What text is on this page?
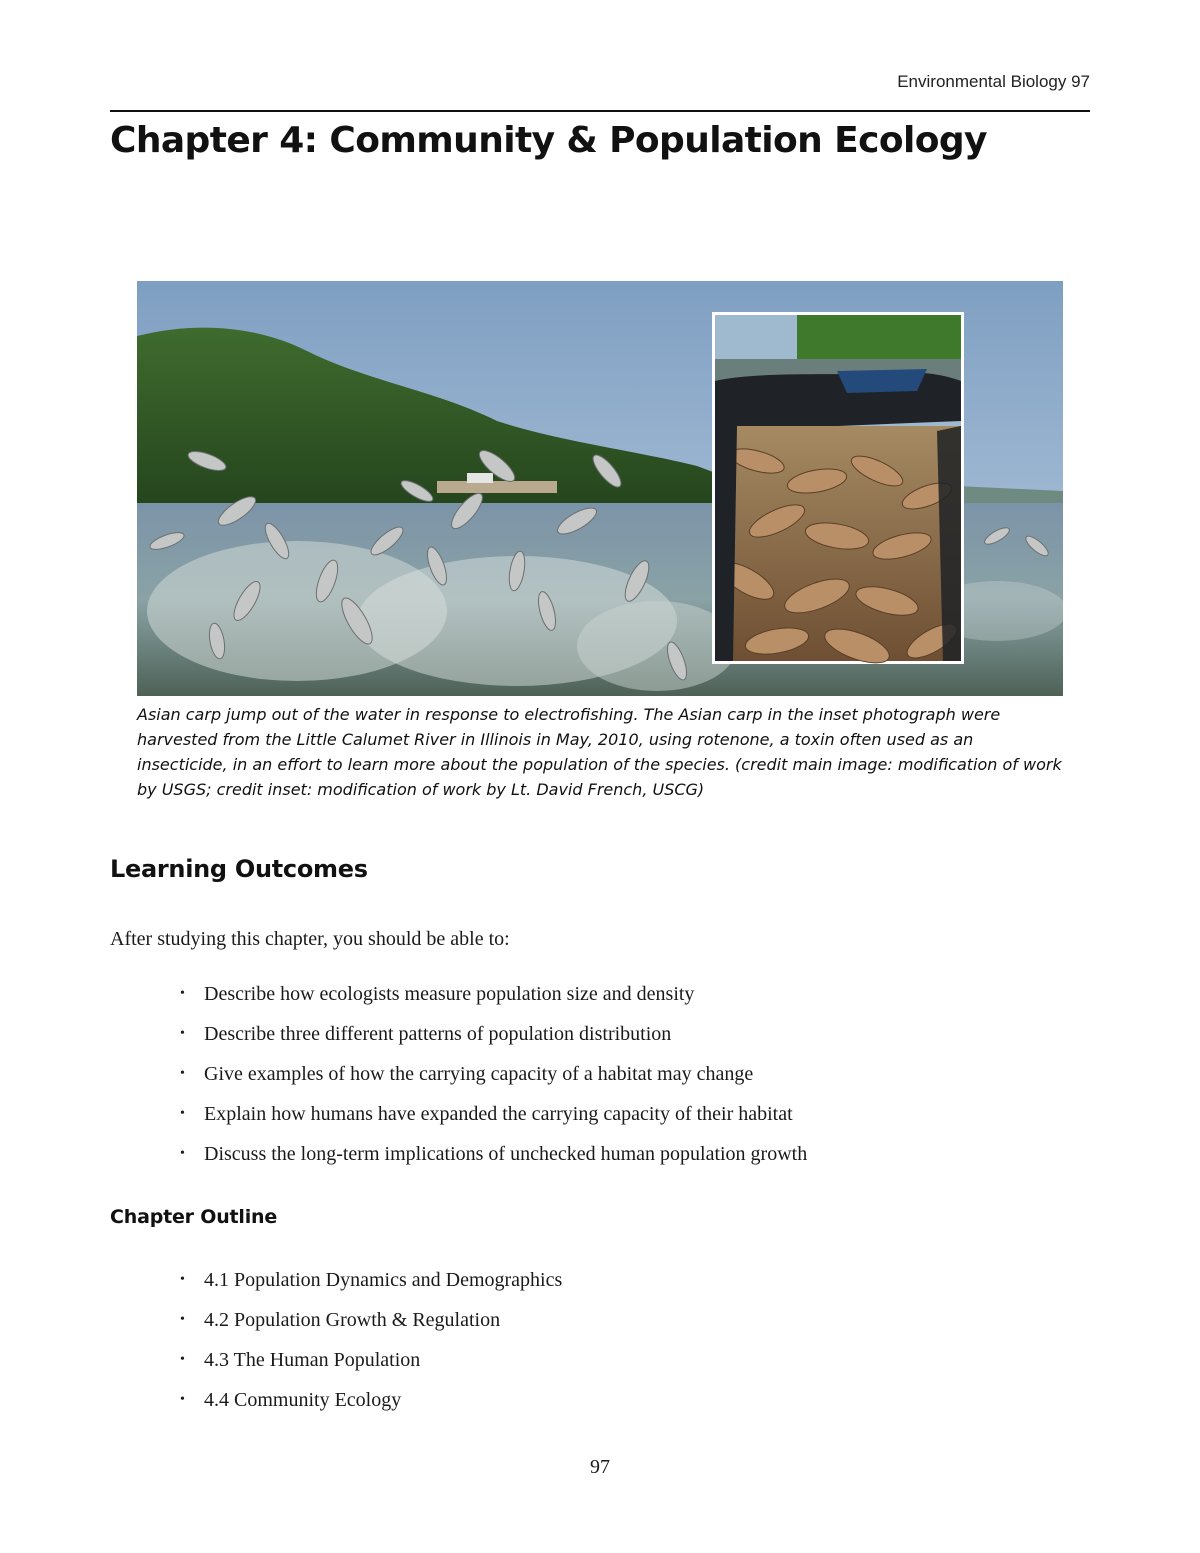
Environmental Biology 97
Chapter 4: Community & Population Ecology

Asian carp jump out of the water in response to electrofishing. The Asian carp in the inset photograph were harvested from the Little Calumet River in Illinois in May, 2010, using rotenone, a toxin often used as an insecticide, in an effort to learn more about the population of the species. (credit main image: modification of work by USGS; credit inset: modification of work by Lt. David French, USCG)

Learning Outcomes

After studying this chapter, you should be able to:

• Describe how ecologists measure population size and density
• Describe three different patterns of population distribution
• Give examples of how the carrying capacity of a habitat may change
• Explain how humans have expanded the carrying capacity of their habitat
• Discuss the long-term implications of unchecked human population growth
Chapter Outline
• 4.1 Population Dynamics and Demographics
• 4.2 Population Growth & Regulation
• 4.3 The Human Population
• 4.4 Community Ecology
97
